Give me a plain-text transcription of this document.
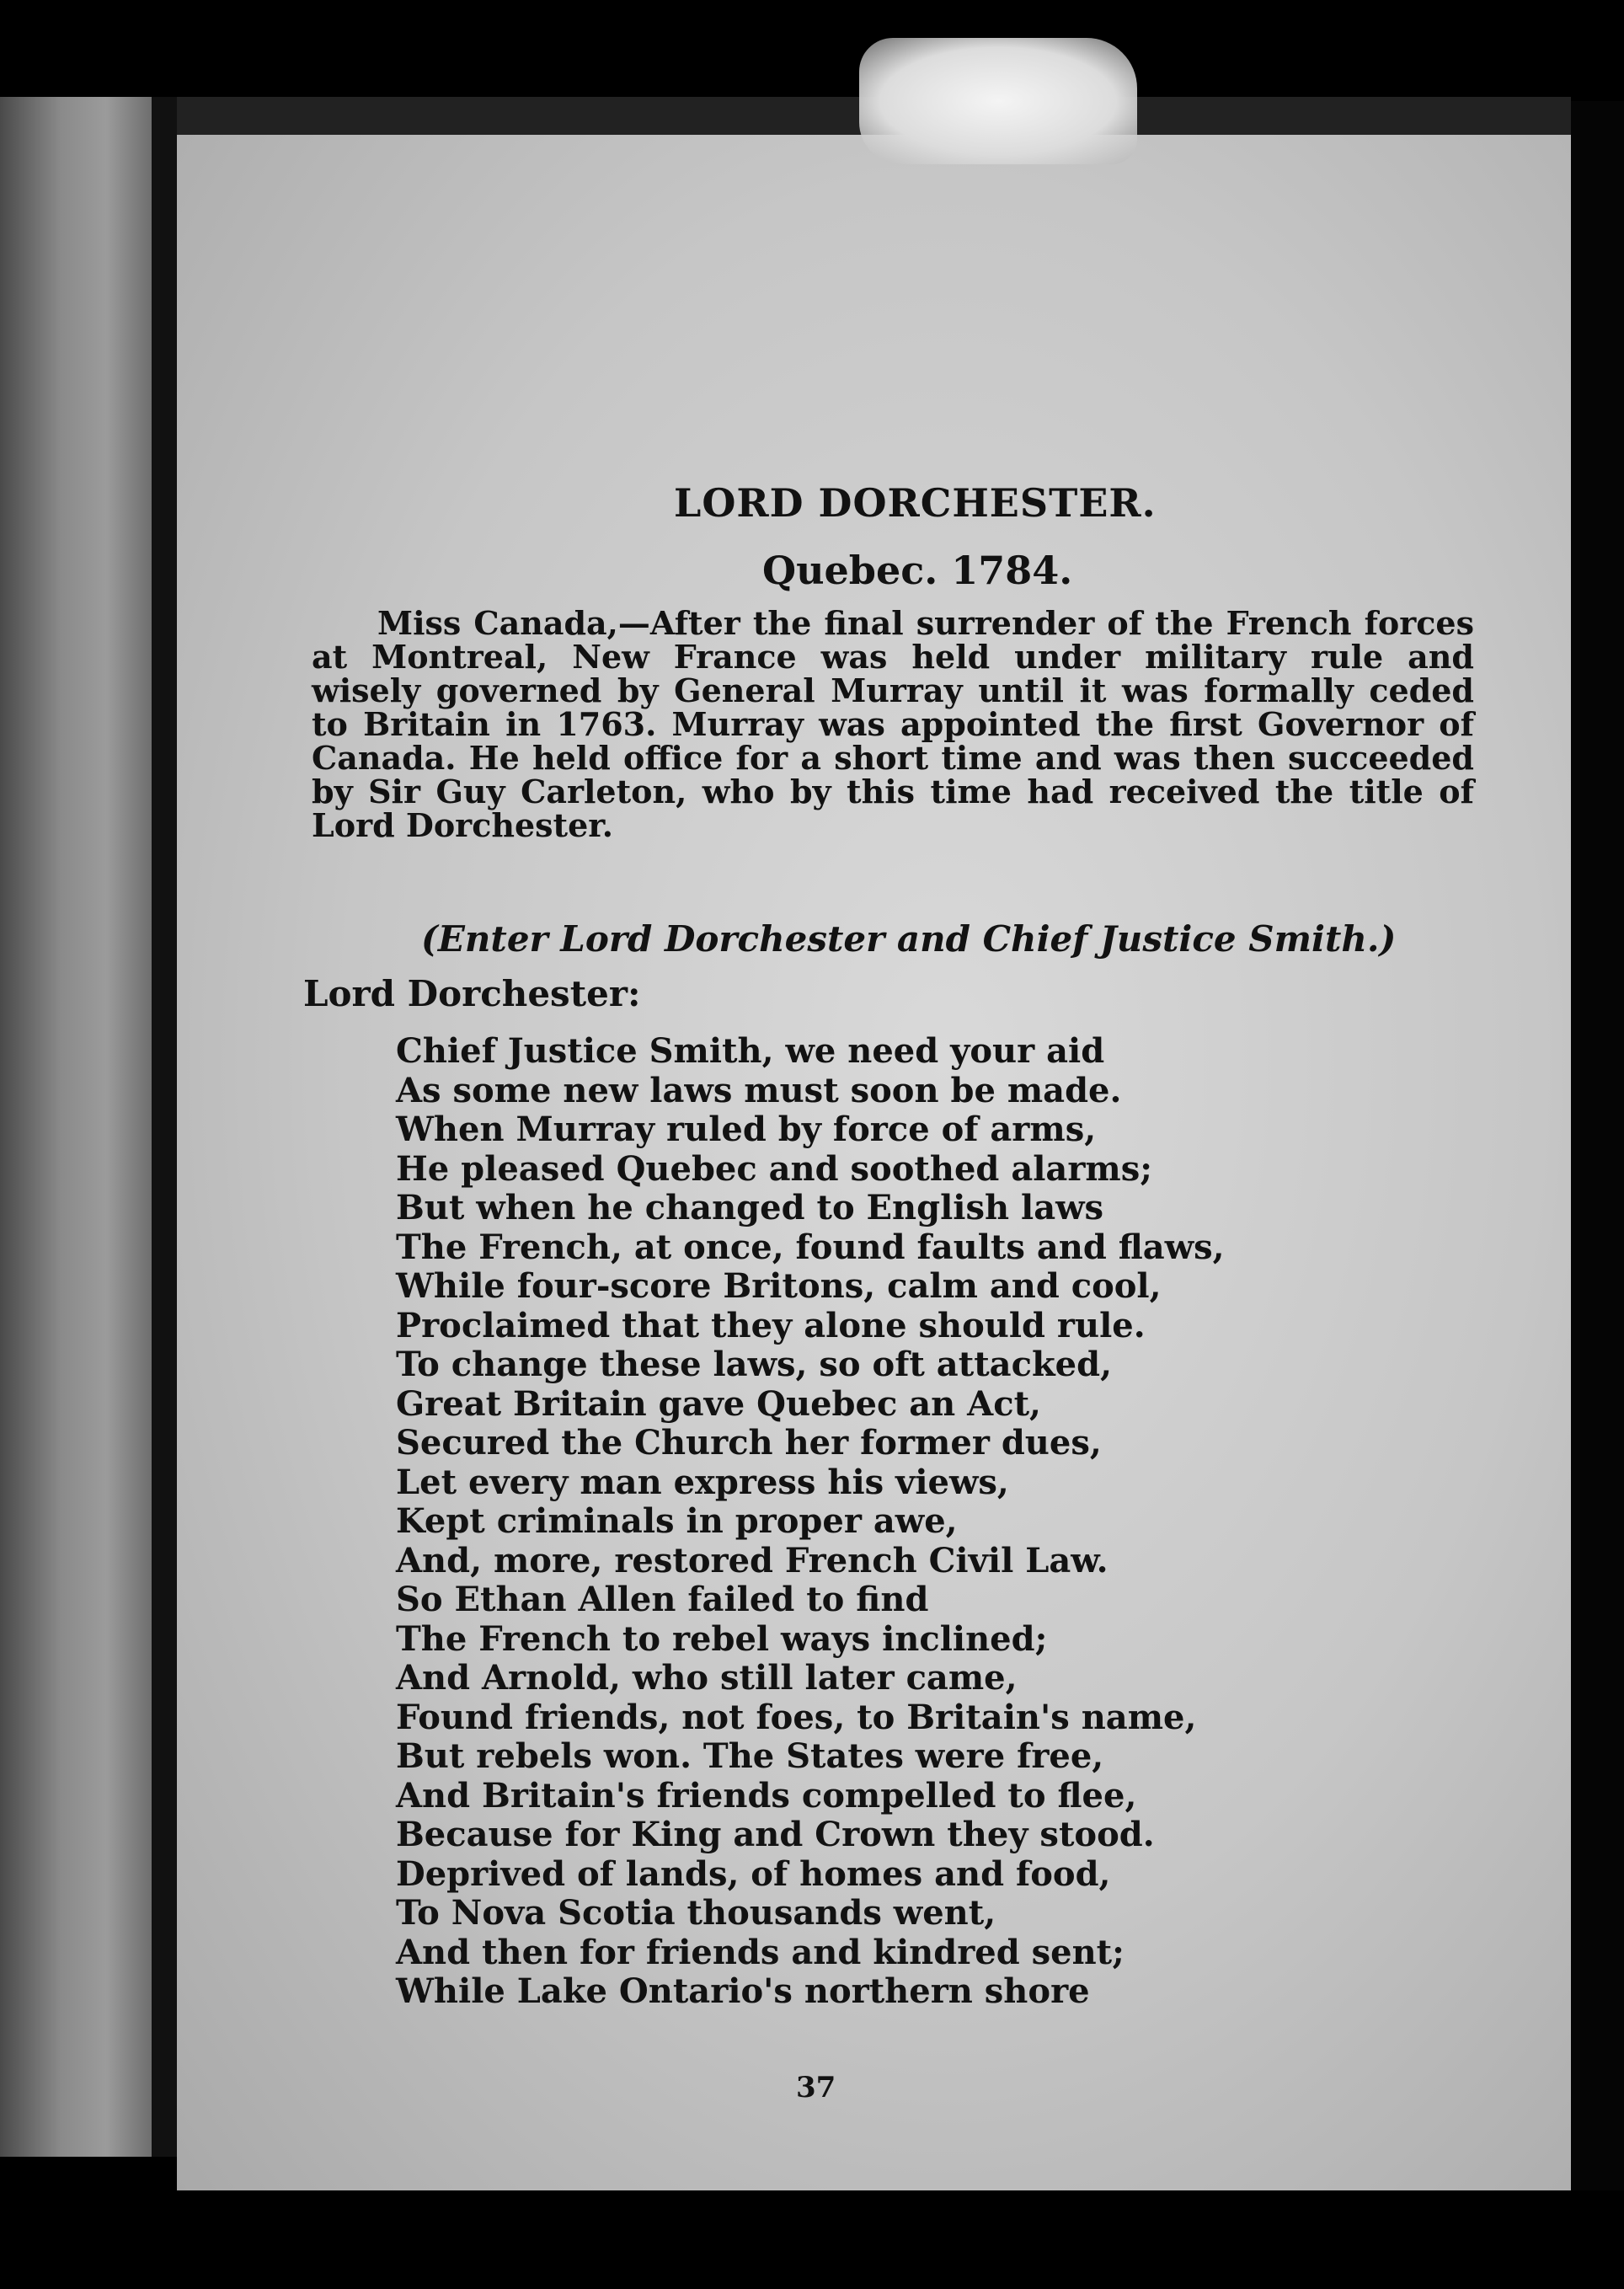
LORD DORCHESTER.
Quebec. 1784.

Miss Canada,—After the final surrender of the French forces at Montreal, New France was held under military rule and wisely governed by General Murray until it was formally ceded to Britain in 1763. Murray was appointed the first Governor of Canada. He held office for a short time and was then succeeded by Sir Guy Carleton, who by this time had received the title of Lord Dorchester.

(Enter Lord Dorchester and Chief Justice Smith.)

Lord Dorchester:

Chief Justice Smith, we need your aid
As some new laws must soon be made.
When Murray ruled by force of arms,
He pleased Quebec and soothed alarms;
But when he changed to English laws
The French, at once, found faults and flaws,
While four-score Britons, calm and cool,
Proclaimed that they alone should rule.
To change these laws, so oft attacked,
Great Britain gave Quebec an Act,
Secured the Church her former dues,
Let every man express his views,
Kept criminals in proper awe,
And, more, restored French Civil Law.
So Ethan Allen failed to find
The French to rebel ways inclined;
And Arnold, who still later came,
Found friends, not foes, to Britain's name,
But rebels won. The States were free,
And Britain's friends compelled to flee,
Because for King and Crown they stood.
Deprived of lands, of homes and food,
To Nova Scotia thousands went,
And then for friends and kindred sent;
While Lake Ontario's northern shore

37
